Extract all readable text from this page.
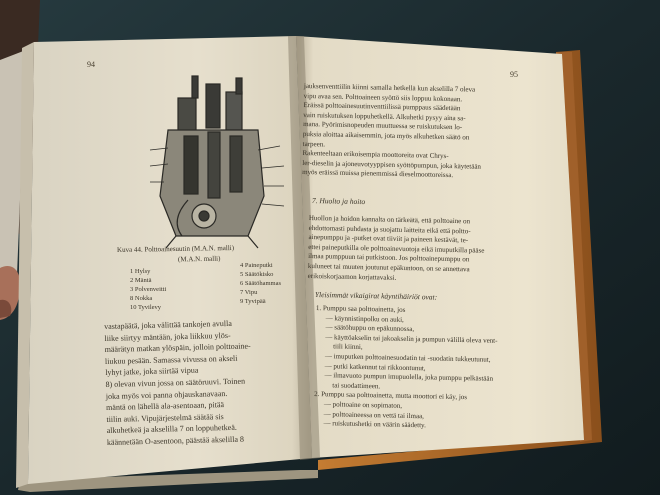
94
Kuva 44. Polttoainesuutin (M.A.N. malli)
(M.A.N. malli)
1 Hylsy
2 Mäntä
3 Polvenveitti
4 Paineputki
5 Säätökisko
6 Säätöhammas
7 Vipu
8 Nokka	9 Tyvipää
10 Tyvilevy
vastapäätä, joka välittää tankojen avulla
liike siirtyy mäntään, joka liikkuu ylös-
määrätyn matkan ylöspäin, jolloin polttoaine-
liukuu pesään. Samassa vivussa on akseli
lyhyt jatke, joka siirtää vipua
8) olevan vivun jossa on säätöruuvi. Toinen
joka myös voi panna ohjauskanavaan.
mäntä on lähellä ala-asentoaan, pitää
tiilin auki. Vipujärjestelmä säätää sis
alkuhetkeä ja akselilla 7 on loppuhetkeä.
käännetään O-asentoon, päästää akselilla 8
95
jauksenventtiilin kiinni samalla hetkellä kun akselilla 7 oleva
vipu avaa sen. Polttoaineen syöttö siis loppuu kokonaan.
Eräissä polttoainesuutinventtiilissä pumppaus säädetään
vain ruiskutuksen loppuhetkellä. Alkuhetki pysyy aina sa-
mana. Pyörimisnopeuden muuttuessa se ruiskutuksen lo-
puksia aloittaa aikaisemmin, jota myös alkuhetken säätö on
tarpeen.
Rakenteeltaan erikoisempia moottoreita ovat Chrys-
ler-dieselin ja ajoneuvotyyppisen syöttöpumpun, joka käytetään
myös eräissä muissa pienemmissä dieselmoottoreissa.
7. Huolto ja hoito
Huollon ja hoidon kannalta on tärkeätä, että polttoaine on
ehdottomasti puhdasta ja suojattu laitteita eikä että poltto-
ainepumppu ja -putket ovat tiiviit ja paineen kestävät, te-
ettei paineputkilla ole polttoainevuotoja eikä imuputkilla pääse
ilmaa pumppuun tai putkistoon. Jos polttoainepumppu on
kuluneet tai muuten joutunut epäkuntoon, on se annettava
erikoiskorjaamon korjattavaksi.
Yleisimmät vikaigirat käyntihäiriöt ovat:
1. Pumppu saa polttoainetta, jos
— käynnistinpolku on auki,
— säätöhuppu on epäkunnossa,
— käyttöakselin tai jakoakselin ja pumpun välillä oleva vent-
tiili kiinni,
— imuputken polttoainesuodatin tai -suodatin tukkeutunut,
— putki katkennut tai rikkoontunut,
— ilmavuoto pumpun imupuolella, joka pumppu pelkästään
tai suodattimeen.
2. Pumppu saa polttoainetta, mutta moottori ei käy, jos
— polttoaine on sopimaton,
— polttoaineessa on vettä tai ilmaa,
— ruiskutushetki on väärin säädetty.
